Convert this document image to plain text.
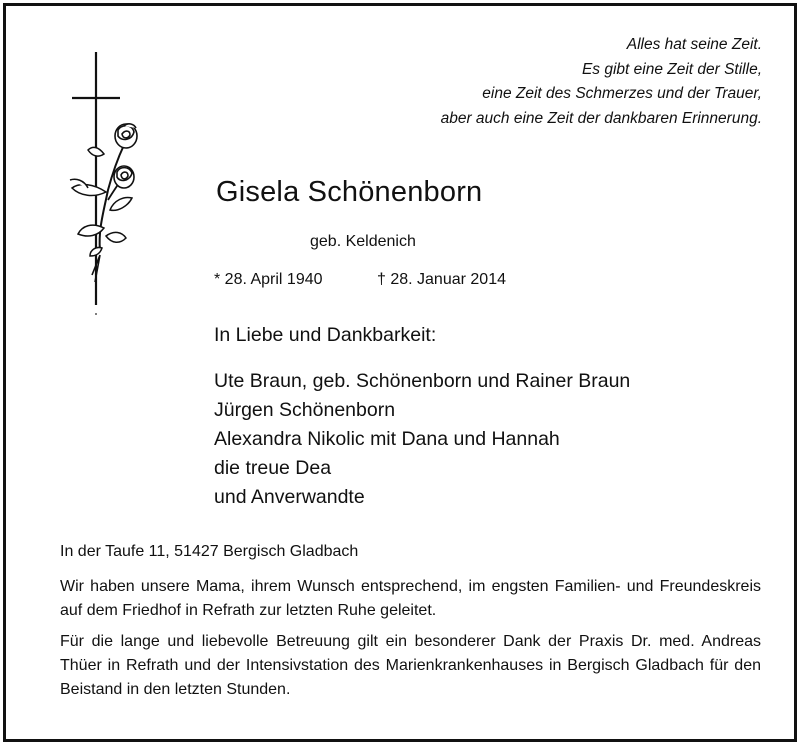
Alles hat seine Zeit.
Es gibt eine Zeit der Stille,
eine Zeit des Schmerzes und der Trauer,
aber auch eine Zeit der dankbaren Erinnerung.
Gisela Schönenborn
geb. Keldenich
* 28. April 1940	† 28. Januar 2014
In Liebe und Dankbarkeit:
Ute Braun, geb. Schönenborn und Rainer Braun
Jürgen Schönenborn
Alexandra Nikolic mit Dana und Hannah
die treue Dea
und Anverwandte
In der Taufe 11, 51427 Bergisch Gladbach
Wir haben unsere Mama, ihrem Wunsch entsprechend, im engsten Familien- und Freundeskreis auf dem Friedhof in Refrath zur letzten Ruhe geleitet.
Für die lange und liebevolle Betreuung gilt ein besonderer Dank der Praxis Dr. med. Andreas Thüer in Refrath und der Intensivstation des Marienkrankenhauses in Bergisch Gladbach für den Beistand in den letzten Stunden.
